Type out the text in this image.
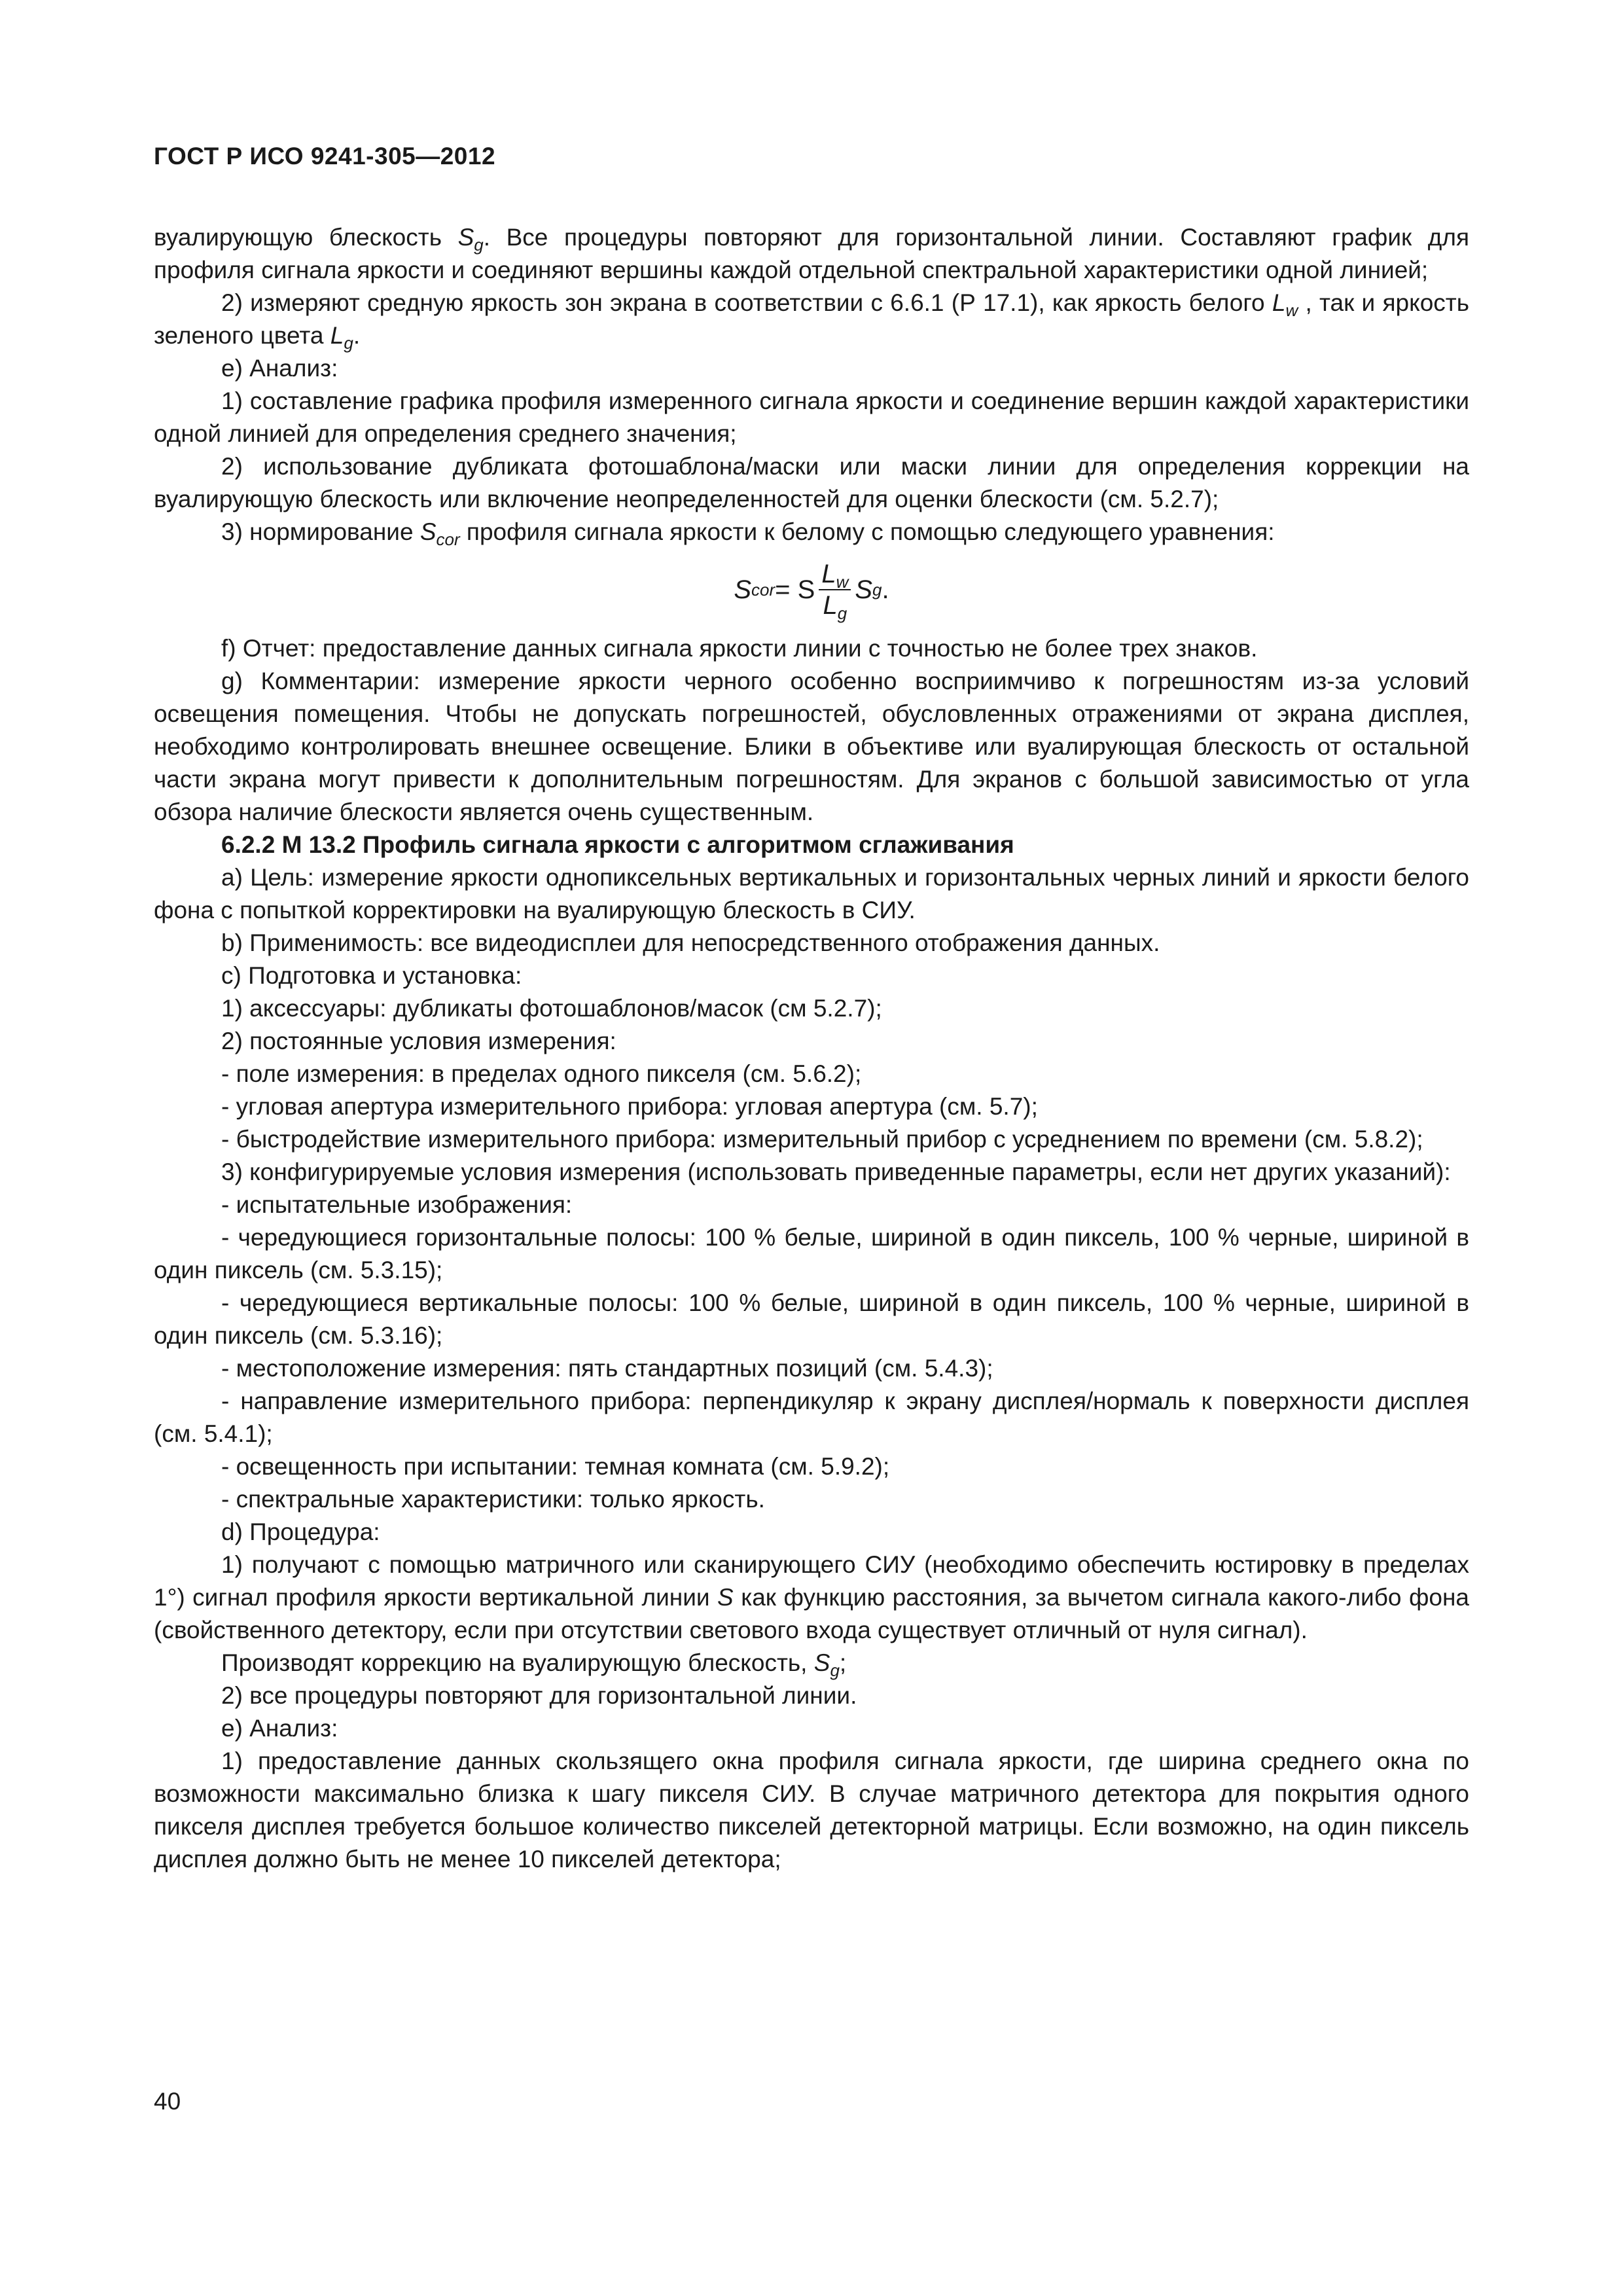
ГОСТ Р ИСО 9241-305—2012

вуалирующую блескость $S_g$. Все процедуры повторяют для горизонтальной линии. Составляют график для профиля сигнала яркости и соединяют вершины каждой отдельной спектральной характеристики одной линией;

2) измеряют средную яркость зон экрана в соответствии с 6.6.1 (Р 17.1), как яркость белого $L_w$ , так и яркость зеленого цвета $L_g$.

е) Анализ:

1) составление графика профиля измеренного сигнала яркости и соединение вершин каждой характеристики одной линией для определения среднего значения;

2) использование дубликата фотошаблона/маски или маски линии для определения коррекции на вуалирующую блескость или включение неопределенностей для оценки блескости (см. 5.2.7);

3) нормирование $S_{cor}$ профиля сигнала яркости к белому с помощью следующего уравнения:

S cor = S $\frac{L_w}{L_g}$ S g .

f) Отчет: предоставление данных сигнала яркости линии с точностью не более трех знаков.

g) Комментарии: измерение яркости черного особенно восприимчиво к погрешностям из-за условий освещения помещения. Чтобы не допускать погрешностей, обусловленных отражениями от экрана дисплея, необходимо контролировать внешнее освещение. Блики в объективе или вуалирующая блескость от остальной части экрана могут привести к дополнительным погрешностям. Для экранов с большой зависимостью от угла обзора наличие блескости является очень существенным.

6.2.2 М 13.2 Профиль сигнала яркости с алгоритмом сглаживания

а) Цель: измерение яркости однопиксельных вертикальных и горизонтальных черных линий и яркости белого фона с попыткой корректировки на вуалирующую блескость в СИУ.

b) Применимость: все видеодисплеи для непосредственного отображения данных.

с) Подготовка и установка:

1) аксессуары: дубликаты фотошаблонов/масок (см 5.2.7);

2) постоянные условия измерения:

- поле измерения: в пределах одного пикселя (см. 5.6.2);

- угловая апертура измерительного прибора: угловая апертура (см. 5.7);

- быстродействие измерительного прибора: измерительный прибор с усреднением по времени (см. 5.8.2);

3) конфигурируемые условия измерения (использовать приведенные параметры, если нет других указаний):

- испытательные изображения:

- чередующиеся горизонтальные полосы: 100 % белые, шириной в один пиксель, 100 % черные, шириной в один пиксель (см. 5.3.15);

- чередующиеся вертикальные полосы: 100 % белые, шириной в один пиксель, 100 % черные, шириной в один пиксель (см. 5.3.16);

- местоположение измерения: пять стандартных позиций (см. 5.4.3);

- направление измерительного прибора: перпендикуляр к экрану дисплея/нормаль к поверхности дисплея (см. 5.4.1);

- освещенность при испытании: темная комната (см. 5.9.2);

- спектральные характеристики: только яркость.

d) Процедура:

1) получают с помощью матричного или сканирующего СИУ (необходимо обеспечить юстировку в пределах 1°) сигнал профиля яркости вертикальной линии S как функцию расстояния, за вычетом сигнала какого-либо фона (свойственного детектору, если при отсутствии светового входа существует отличный от нуля сигнал).

Производят коррекцию на вуалирующую блескость, $S_g$;

2) все процедуры повторяют для горизонтальной линии.

е) Анализ:

1) предоставление данных скользящего окна профиля сигнала яркости, где ширина среднего окна по возможности максимально близка к шагу пикселя СИУ. В случае матричного детектора для покрытия одного пикселя дисплея требуется большое количество пикселей детекторной матрицы. Если возможно, на один пиксель дисплея должно быть не менее 10 пикселей детектора;

40
